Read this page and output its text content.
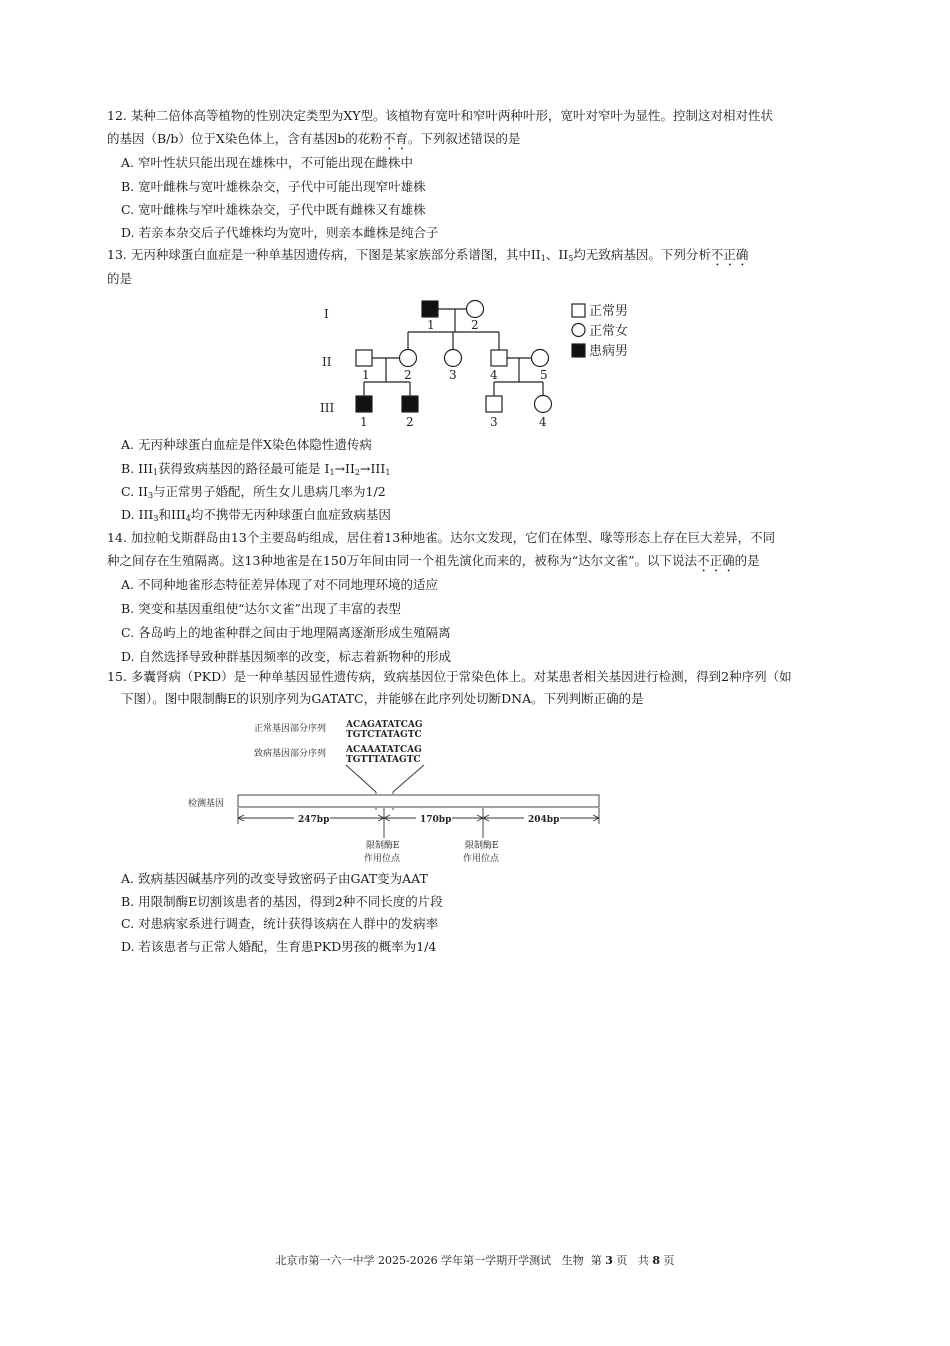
12. 某种二倍体高等植物的性别决定类型为XY型。该植物有宽叶和窄叶两种叶形，宽叶对窄叶为显性。控制这对相对性状
的基因（B/b）位于X染色体上，含有基因b的花粉不育。下列叙述错误的是
A. 窄叶性状只能出现在雄株中，不可能出现在雌株中
B. 宽叶雌株与宽叶雄株杂交，子代中可能出现窄叶雄株
C. 宽叶雌株与窄叶雄株杂交，子代中既有雌株又有雄株
D. 若亲本杂交后子代雄株均为宽叶，则亲本雌株是纯合子
13. 无丙种球蛋白血症是一种单基因遗传病，下图是某家族部分系谱图，其中$II_1$、$II_5$均无致病基因。下列分析不正确
的是
I
II
III
1	2
1	2	3	4	5
1	2	3	4
正常男
正常女
患病男
A. 无丙种球蛋白血症是伴X染色体隐性遗传病
B. $III_1$获得致病基因的路径最可能是 $I_1\to II_2\to III_1$
C. $II_3$与正常男子婚配，所生女儿患病几率为1/2
D. $III_3$和$III_4$均不携带无丙种球蛋白血症致病基因
14. 加拉帕戈斯群岛由13个主要岛屿组成，居住着13种地雀。达尔文发现，它们在体型、喙等形态上存在巨大差异，不同
种之间存在生殖隔离。这13种地雀是在150万年间由同一个祖先演化而来的，被称为“达尔文雀”。以下说法不正确的是
A. 不同种地雀形态特征差异体现了对不同地理环境的适应
B. 突变和基因重组使“达尔文雀”出现了丰富的表型
C. 各岛屿上的地雀种群之间由于地理隔离逐渐形成生殖隔离
D. 自然选择导致种群基因频率的改变，标志着新物种的形成
15. 多囊肾病（PKD）是一种单基因显性遗传病，致病基因位于常染色体上。对某患者相关基因进行检测，得到2种序列（如
下图）。图中限制酶E的识别序列为GATATC，并能够在此序列处切断DNA。下列判断正确的是
正常基因部分序列 ACAGATATCAG
TGTCTATAGTC
致病基因部分序列 ACAAATATCAG
TGTTTATAGTC
检测基因
247bp	170bp	204bp
限制酶E
作用位点
限制酶E
作用位点
A. 致病基因碱基序列的改变导致密码子由GAT变为AAT
B. 用限制酶E切割该患者的基因，得到2种不同长度的片段
C. 对患病家系进行调查，统计获得该病在人群中的发病率
D. 若该患者与正常人婚配，生育患PKD男孩的概率为1/4
北京市第一六一中学 2025-2026 学年第一学期开学测试 生物 第 3 页 共 8 页
